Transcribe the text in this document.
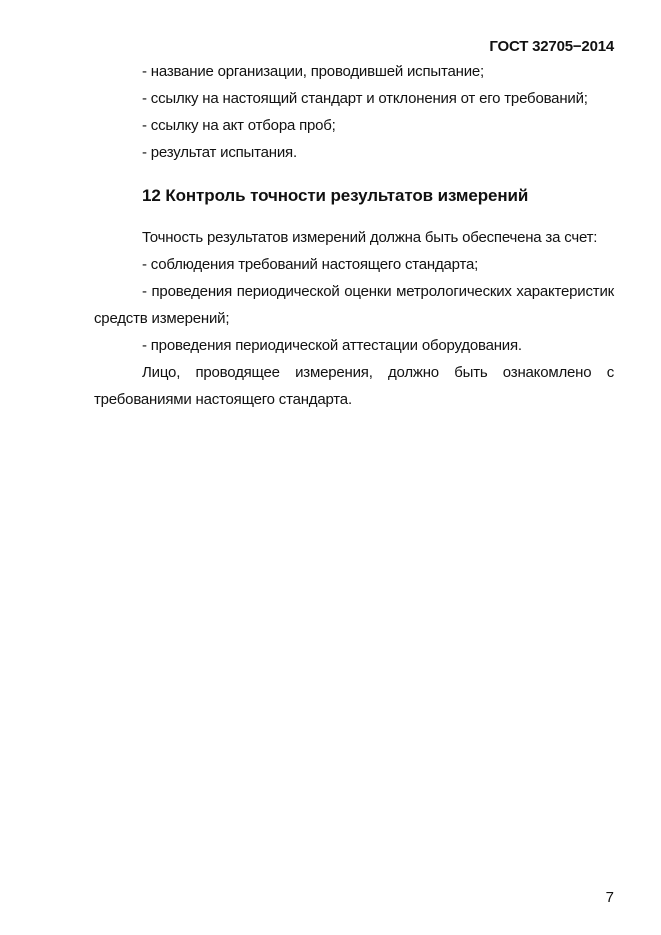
ГОСТ 32705−2014

- название организации, проводившей испытание;

- ссылку на настоящий стандарт и отклонения от его требований;

- ссылку на акт отбора проб;

- результат испытания.

12 Контроль точности результатов измерений

Точность результатов измерений должна быть обеспечена за счет:

- соблюдения требований настоящего стандарта;

- проведения периодической оценки метрологических характеристик средств измерений;

- проведения периодической аттестации оборудования.

Лицо, проводящее измерения, должно быть ознакомлено с требованиями настоящего стандарта.

7
